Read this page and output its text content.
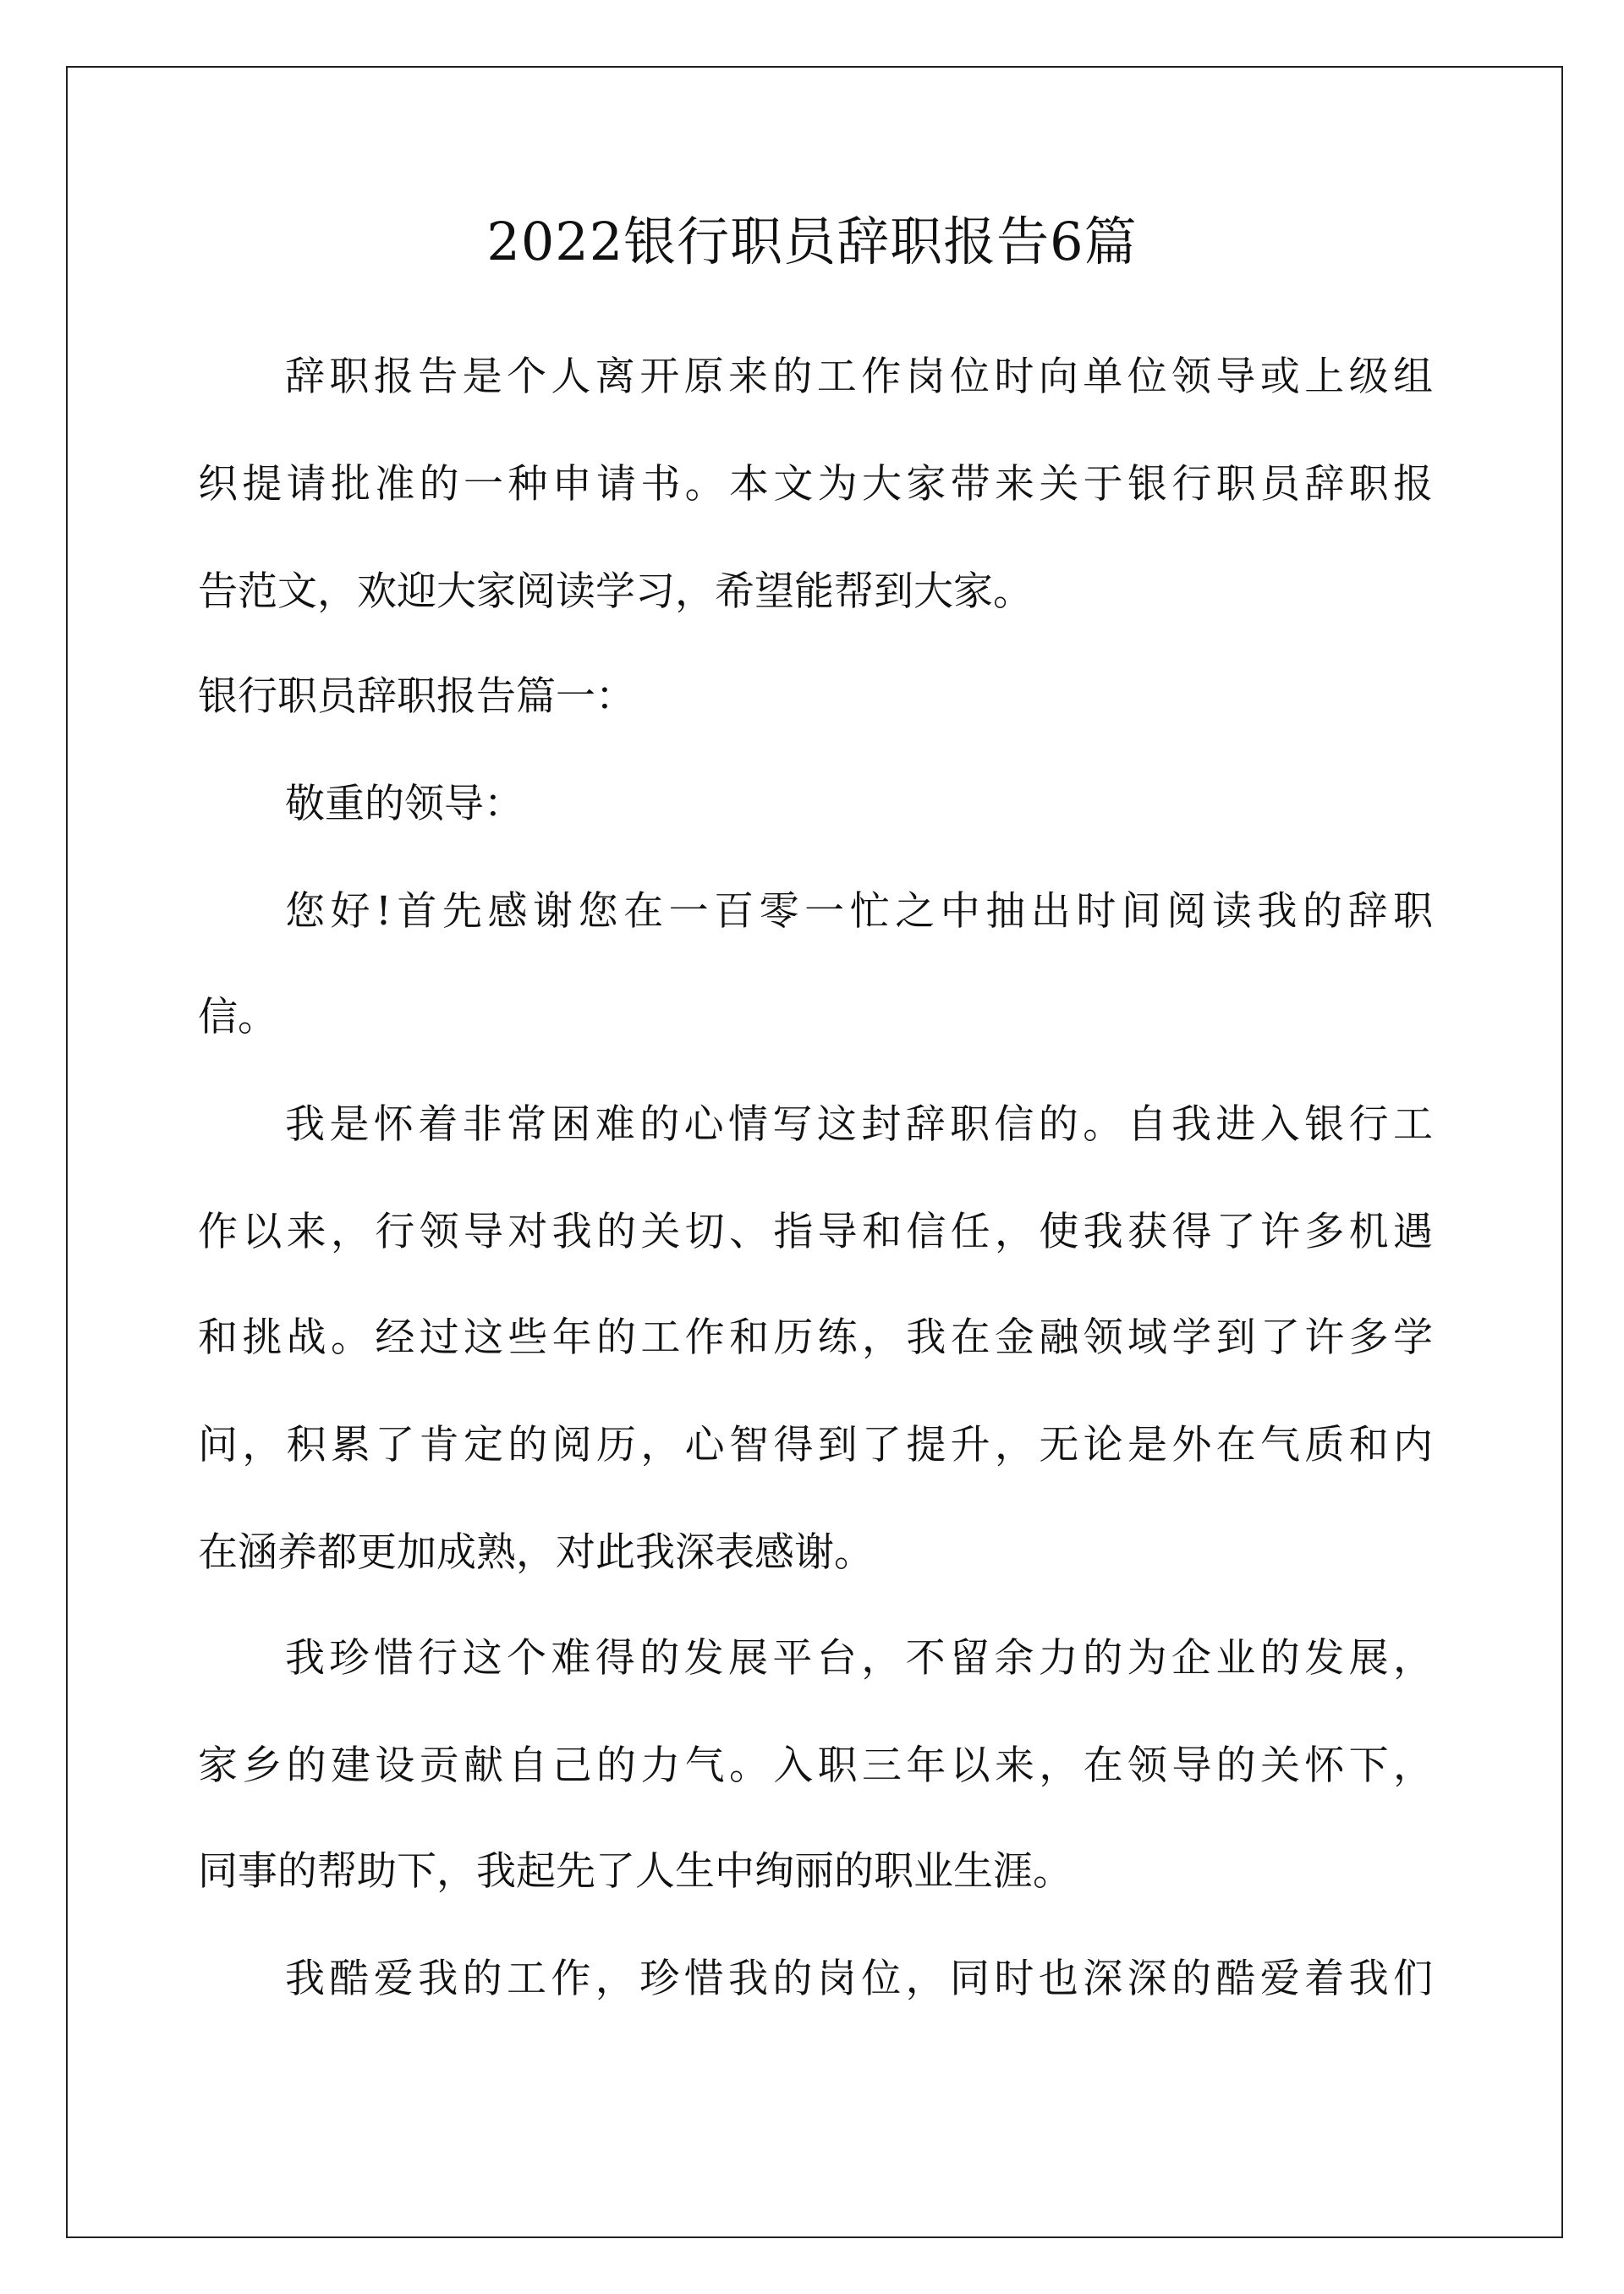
2022银行职员辞职报告6篇
辞职报告是个人离开原来的工作岗位时向单位领导或上级组
织提请批准的一种申请书。本文为大家带来关于银行职员辞职报
告范文，欢迎大家阅读学习，希望能帮到大家。
银行职员辞职报告篇一：
敬重的领导：
您好!首先感谢您在一百零一忙之中抽出时间阅读我的辞职
信。
我是怀着非常困难的心情写这封辞职信的。自我进入银行工
作以来，行领导对我的关切、指导和信任，使我获得了许多机遇
和挑战。经过这些年的工作和历练，我在金融领域学到了许多学
问，积累了肯定的阅历，心智得到了提升，无论是外在气质和内
在涵养都更加成熟，对此我深表感谢。
我珍惜行这个难得的发展平台，不留余力的为企业的发展，
家乡的建设贡献自己的力气。入职三年以来，在领导的关怀下，
同事的帮助下，我起先了人生中绚丽的职业生涯。
我酷爱我的工作，珍惜我的岗位，同时也深深的酷爱着我们
